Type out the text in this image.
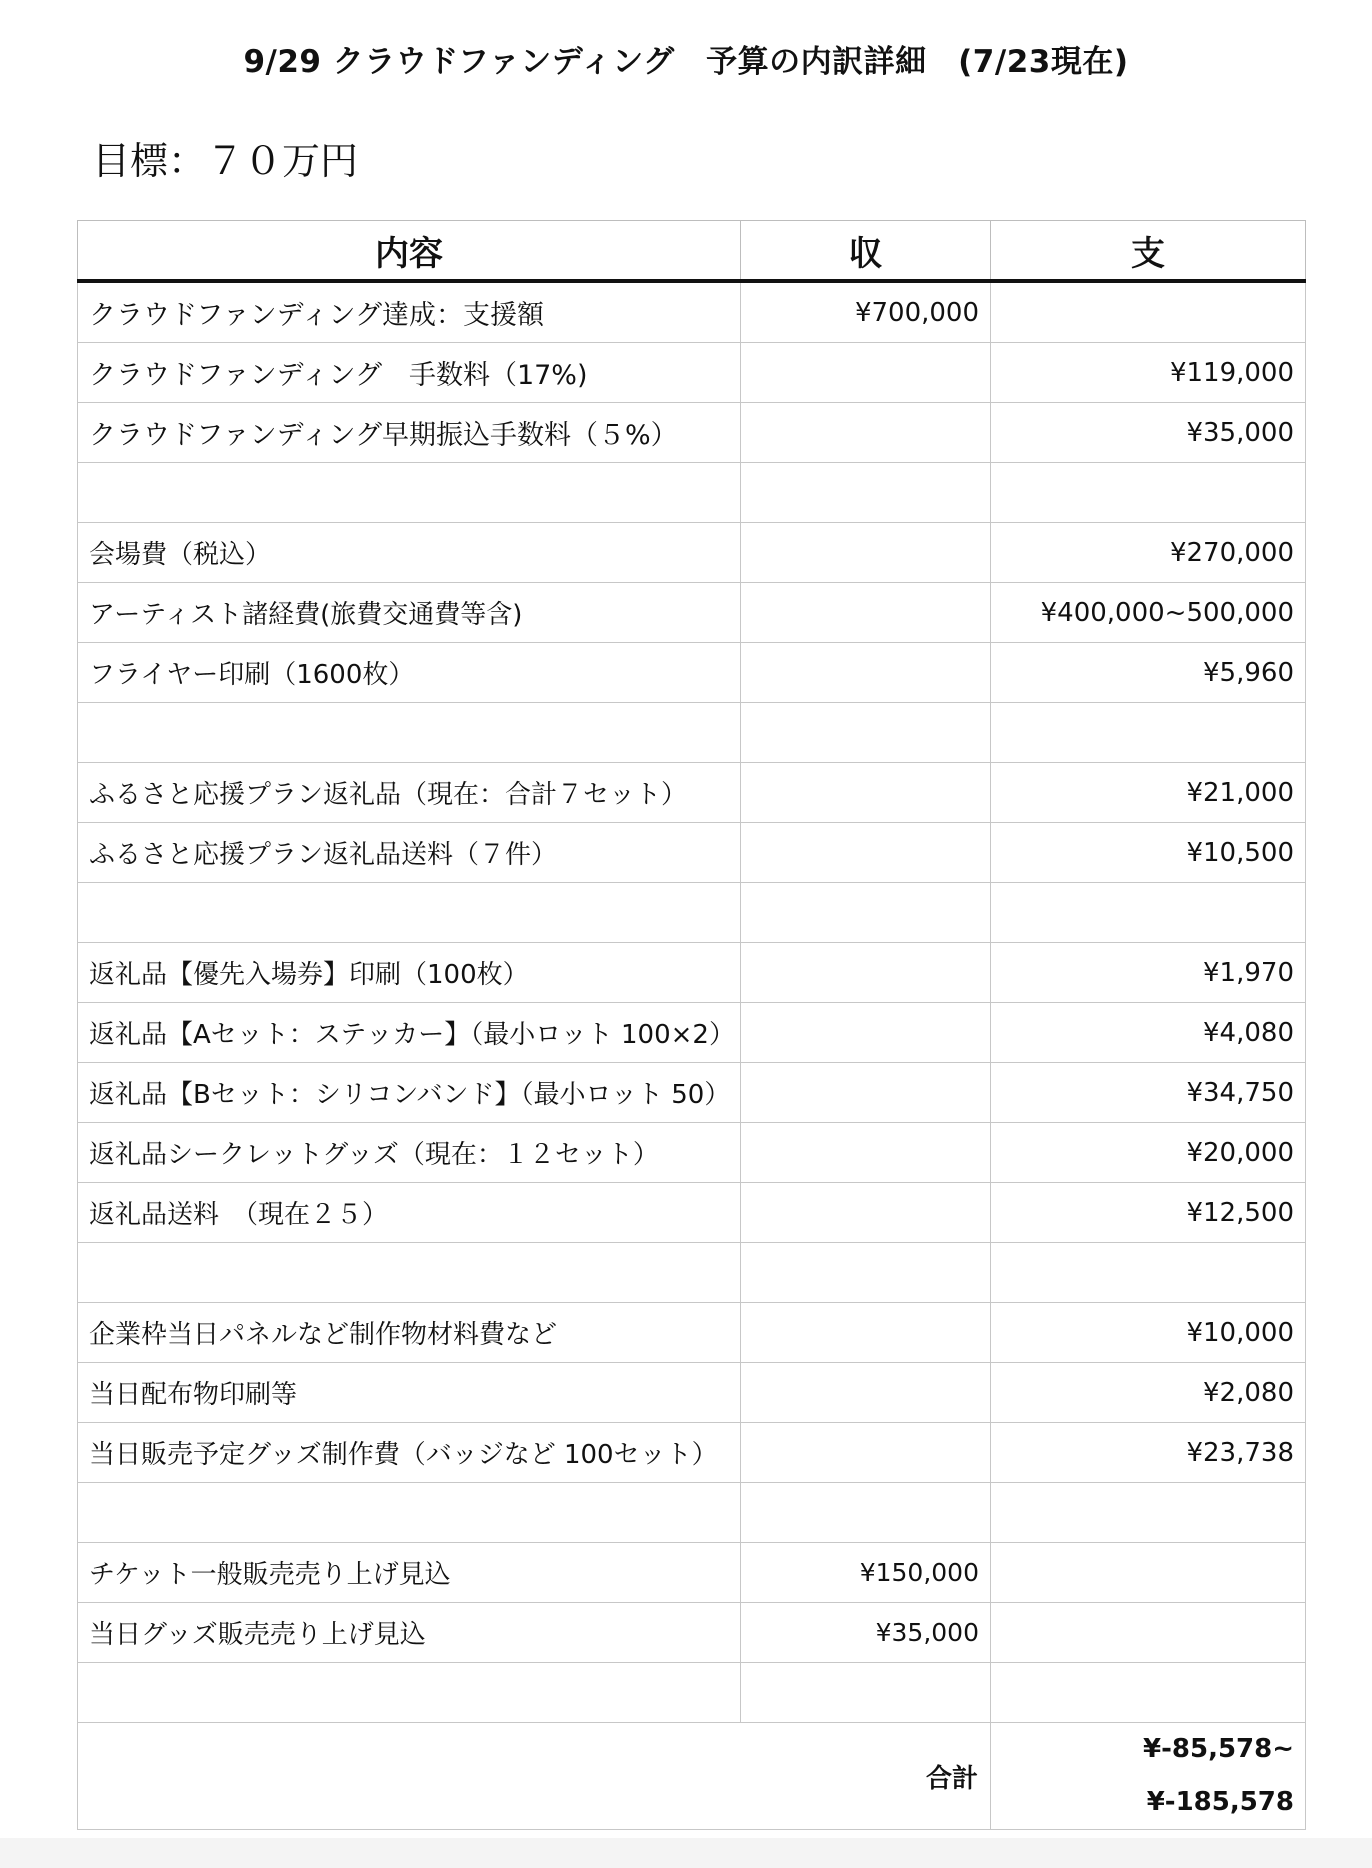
9/29 クラウドファンディング　予算の内訳詳細　(7/23現在)
目標：７０万円
内容	収	支
クラウドファンディング達成：支援額	¥700,000	
クラウドファンディング　手数料（17%)		¥119,000
クラウドファンディング早期振込手数料（５%）		¥35,000

会場費（税込）		¥270,000
アーティスト諸経費(旅費交通費等含)		¥400,000~500,000
フライヤー印刷（1600枚）		¥5,960

ふるさと応援プラン返礼品（現在：合計７セット）		¥21,000
ふるさと応援プラン返礼品送料（７件）		¥10,500

返礼品【優先入場券】印刷（100枚）		¥1,970
返礼品【Aセット：ステッカー】（最小ロット 100×2）		¥4,080
返礼品【Bセット：シリコンバンド】（最小ロット 50）		¥34,750
返礼品シークレットグッズ（現在：１２セット）		¥20,000
返礼品送料　（現在２５）		¥12,500

企業枠当日パネルなど制作物材料費など		¥10,000
当日配布物印刷等		¥2,080
当日販売予定グッズ制作費（バッジなど 100セット）		¥23,738

チケット一般販売売り上げ見込	¥150,000	
当日グッズ販売売り上げ見込	¥35,000	

合計		¥-85,578~
¥-185,578
